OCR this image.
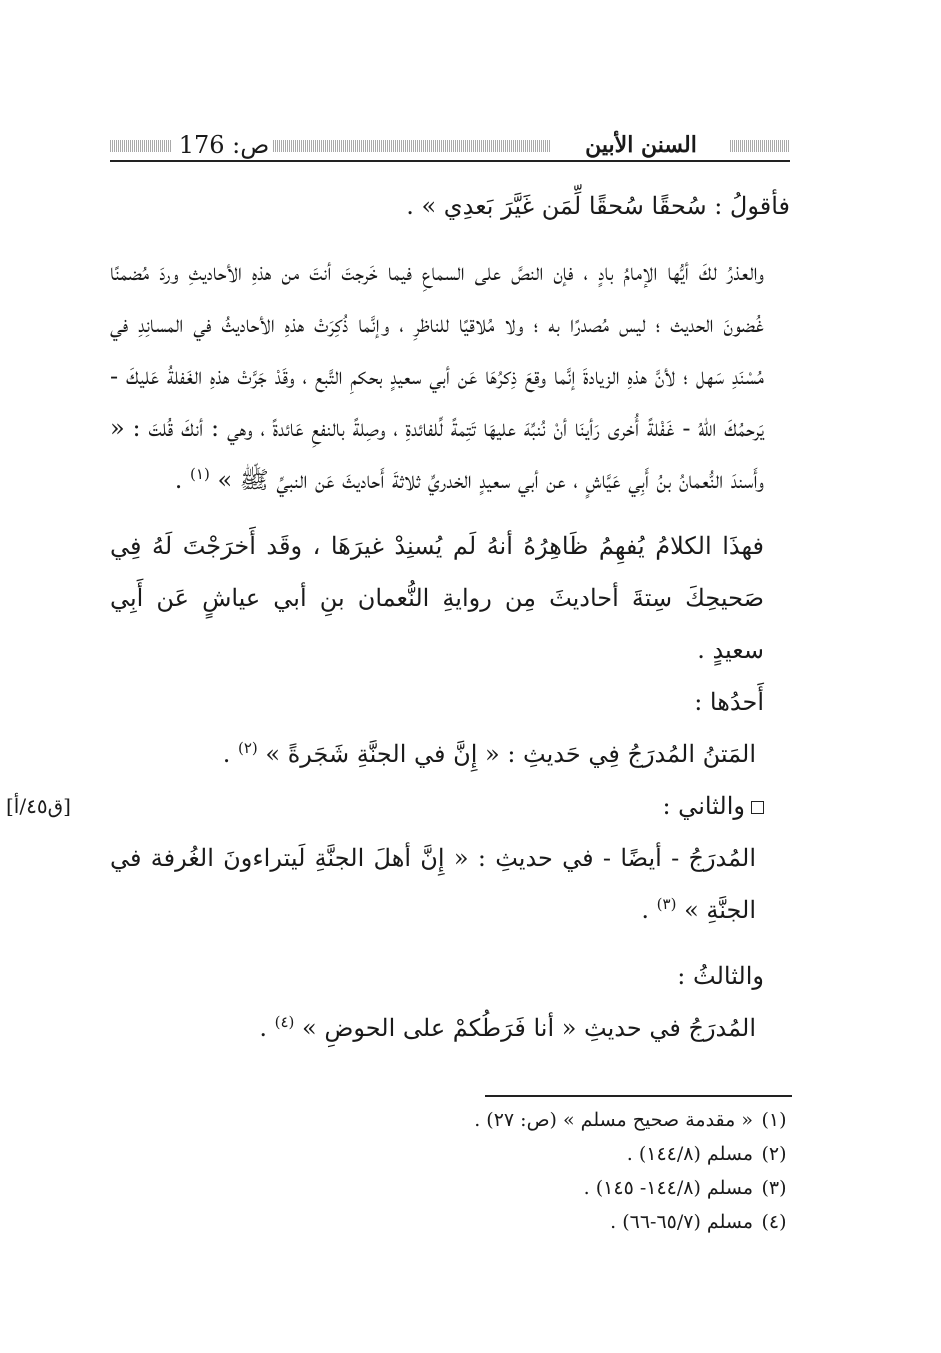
ص: 176	السنن الأبين

فأقولُ : سُحقًا سُحقًا لِّمَن غَيَّرَ بَعدِي » .

والعذرُ لكَ أيُّها الإمامُ بادٍ ، فإن النصَّ على السماعِ فيما خَرجتَ أنتَ من هذهِ الأحاديثِ وردَ مُضمنًا غُضونَ الحديث ؛ ليس مُصدرًا به ؛ ولا مُلاقيًا للناظرِ ، وإنَّما ذُكِرَتْ هذهِ الأحاديثُ في المسانِدِ في مُسْنَدِ سَهل ؛ لأنَّ هذهِ الزيادةَ إنَّما وقعَ ذِكرُهَا عَن أبي سعيدٍ بحكمِ التَّبع ، وقَدْ جَرَّتْ هذهِ الغَفلةُ عَليكَ - يَرحمُكَ اللّهُ - غَفْلةً أُخرى رَأينَا أنْ نُنبِّهَ عليهَا تَتِمةً لِّلفائدةِ ، وصِلةً بالنفعِ عَائدةً ، وهي : أنكَ قُلتَ : « وأَسندَ النُّعمانُ بنُ أَبِي عَيَّاشٍ ، عن أبي سعيدٍ الخدريِّ ثلاثةَ أَحاديثَ عَن النبيِّ ﷺ » $^{(١)}$ .

فهذَا الكلامُ يُفهِمُ ظَاهِرُهُ أنهُ لَم يُسنِدْ غيرَهَا ، وقَد أَخرَجْتَ لَهُ فِي صَحيحِكَ سِتةَ أحاديثَ مِن روايةِ النُّعمان بنِ أبي عياشٍ عَن أَبِي سعيدٍ .

أَحدُها :

المَتنُ المُدرَجُ فِي حَديثِ : « إِنَّ في الجنَّةِ شَجَرةً » $^{(٢)}$ .

[ق٤٥/أ]	والثاني :

المُدرَجُ - أيضًا - في حديثِ : « إِنَّ أهلَ الجنَّةِ لَيتراءونَ الغُرفة في الجنَّةِ » $^{(٣)}$ .

والثالثُ :

المُدرَجُ في حديثِ « أنا فَرَطُكمْ على الحوضِ » $^{(٤)}$ .

(١)
« مقدمة صحيح مسلم » (ص: ٢٧) .
(٢)
مسلم (١٤٤/٨) .
(٣)
مسلم (١٤٤/٨- ١٤٥) .
(٤)
مسلم (٦٥/٧-٦٦) .
